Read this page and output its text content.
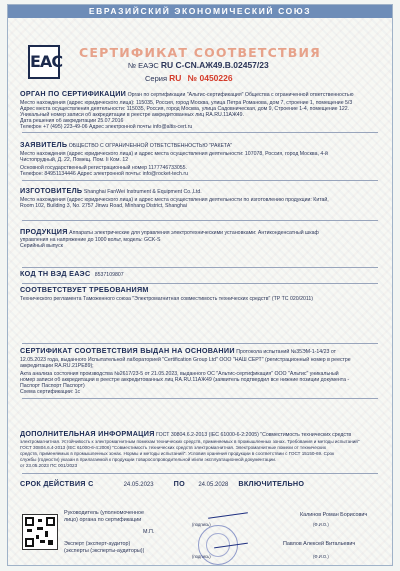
ЕВРАЗИЙСКИЙ ЭКОНОМИЧЕСКИЙ СОЮЗ
EAC	СЕРТИФИКАТ СООТВЕТСТВИЯ
№ ЕАЭС RU С-CN.АЖ49.В.02457/23
Серия RU № 0450226
ОРГАН ПО СЕРТИФИКАЦИИ Орган по сертификации "Альтис-сертификация" Общества с ограниченной ответственностью
Место нахождения (адрес юридического лица): 115035, Россия, город Москва, улица Петра Романова, дом 7, строение 1, помещение 5/3
Адрес места осуществления деятельности: 115035, Россия, город Москва, улица Садовническая, дом 9, Строение 1-4, помещение 122.
Уникальный номер записи об аккредитации в реестре аккредитованных лиц RA.RU.11АЖ49.
Дата решения об аккредитации 25.07.2016
Телефон +7 (495) 223-49-06 Адрес электронной почты info@altis-cert.ru
ЗАЯВИТЕЛЬ ОБЩЕСТВО С ОГРАНИЧЕННОЙ ОТВЕТСТВЕННОСТЬЮ "РАКЕТА"
Место нахождения (адрес юридического лица) и адрес места осуществления деятельности: 107078, Россия, город Москва, 4-й
Чистопрудный, Д. 22, Помещ. Пом. Ii Ком. 12
Основной государственный регистрационный номер 1177746733055.
Телефон: 84951134446 Адрес электронной почты: info@rocket-tech.ru
ИЗГОТОВИТЕЛЬ Shanghai FanWei Instrument & Equipment Co.,Ltd.
Место нахождения (адрес юридического лица) и адрес места осуществления деятельности по изготовлению продукции: Китай,
Room 102, Building 3, No. 2757 Jinwu Road, Minhang District, Shanghai
ПРОДУКЦИЯ Аппараты электрические для управления электротехническими установками: Антиконденсатный шкаф
управления на напряжение до 1000 вольт, модель: GCK-S
Серийный выпуск
КОД ТН ВЭД ЕАЭС 8537109807
СООТВЕТСТВУЕТ ТРЕБОВАНИЯМ
Технического регламента Таможенного союза "Электромагнитная совместимость технических средств" (ТР ТС 020/2011)
СЕРТИФИКАТ СООТВЕТСТВИЯ ВЫДАН НА ОСНОВАНИИ Протокола испытаний №35ЭМ-1-14/23 от
12.05.2023 года, выданного Испытательной лабораторией "Certification Group Ltd" ООО "НАШ СЕРТ" (регистрационный номер в реестре
аккредитации RA.RU.21РЕ89);
Акта анализа состояния производства №2617/23-5 от 21.05.2023, выданного ОС "Альтис-сертификация" ООО "Альтис" уникальный
номер записи об аккредитации в реестре аккредитованных лиц RA.RU.11АЖ49 (заявитель подтвердил все нижние позиции документа -
Паспорт Паспорт Паспорт)
Схема сертификации: 1с
ДОПОЛНИТЕЛЬНАЯ ИНФОРМАЦИЯ ГОСТ 30804.6.2-2013 (IEC 61000-6-2:2005) "Совместимость технических средств
электромагнитная. Устойчивость к электромагнитным помехам технических средств, применяемых в промышленных зонах. Требования и методы испытаний"
ГОСТ 30804.6.4-2013 (IEC 61000-6-4:2006) "Совместимость технических средств электромагнитная. Электромагнитные помехи от технических
средств, применяемых в промышленных зонах. Нормы и методы испытаний". Условия хранения продукции в соответствии с ГОСТ 15150-69. Срок
службы (годности) указан в прилагаемой к продукции товаросопроводительной и/или эксплуатационной документации.
от 23.05.2023 ПС 001/2023
СРОК ДЕЙСТВИЯ С	24.05.2023	ПО 24.05.2028 ВКЛЮЧИТЕЛЬНО
Руководитель (уполномоченное
лицо) органа по сертификации
(подпись)	(Ф.И.О.)
Калинов Роман Борисович
М.П.
Эксперт (эксперт-аудитор)
(эксперты (эксперты-аудиторы))
Павлов Алексей Витальевич
(подпись)	(Ф.И.О.)
